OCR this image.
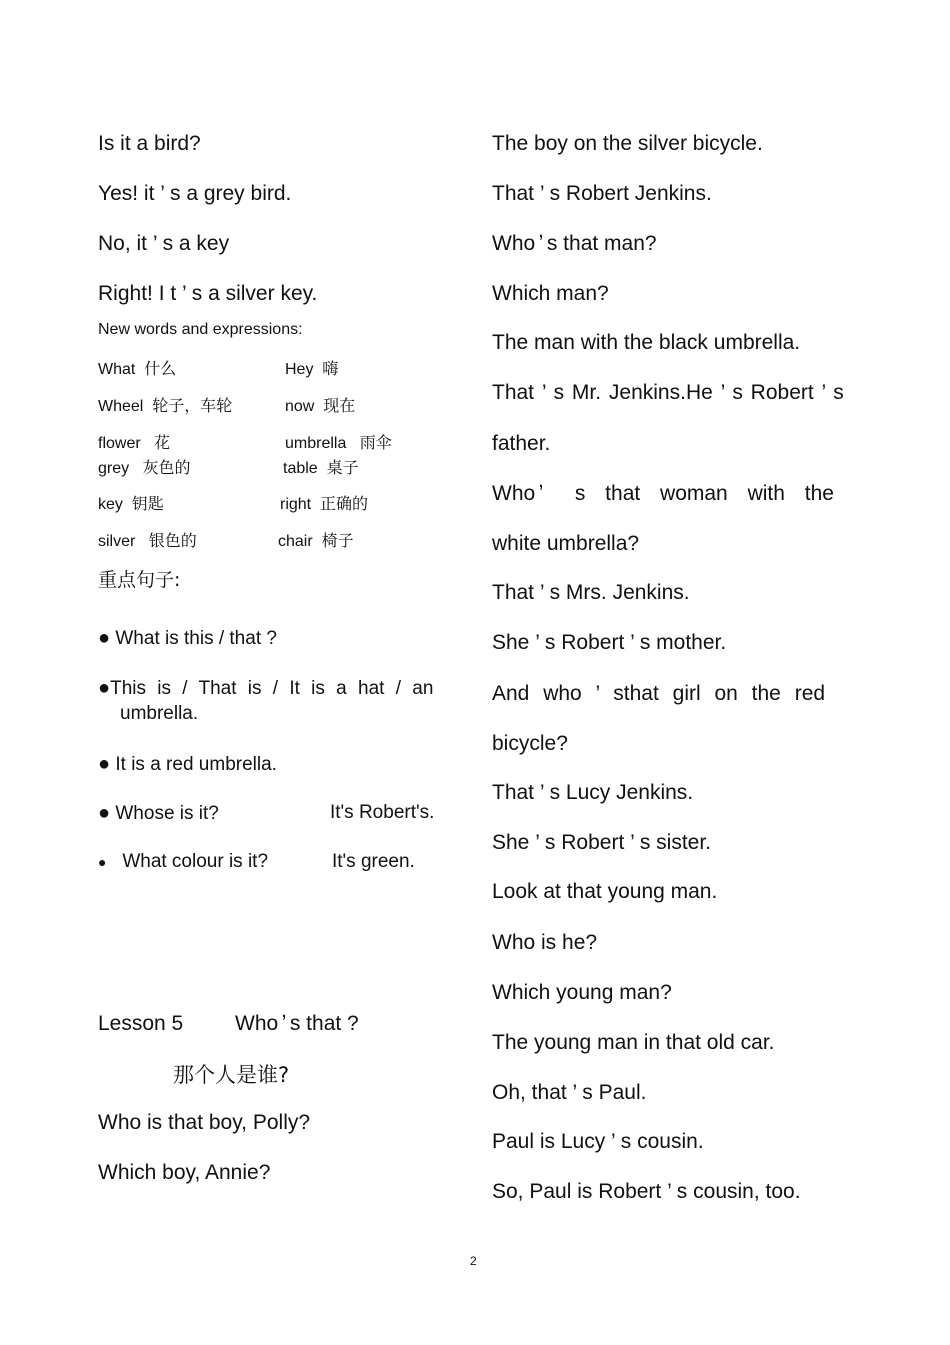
Is it a bird?
Yes! it ’ s a grey bird.
No, it ’ s a key
Right! I t ’ s a silver key.
New words and expressions:
What 什么	Hey 嗨
Wheel 轮子，车轮	now 现在
flower 花	umbrella 雨伞
grey 灰色的	table 桌子
key 钥匙	right 正确的
silver 银色的	chair 椅子
重点句子:
● What is this / that ?
●This is / That is / It is a hat / an
umbrella.
● It is a red umbrella.
● Whose is it?	It's Robert's.
● What colour is it?	It's green.
Lesson 5 Who ̓ s that ?
那个人是谁?
Who is that boy, Polly?
Which boy, Annie?
The boy on the silver bicycle.
That ’ s Robert Jenkins.
Who ̓ s that man?
Which man?
The man with the black umbrella.
That ’ s Mr. Jenkins.He ’ s Robert ’ s
father.
Who ̓ s that woman with the
white umbrella?
That ’ s Mrs. Jenkins.
She ’ s Robert ’ s mother.
And who ’ sthat girl on the red
bicycle?
That ’ s Lucy Jenkins.
She ’ s Robert ’ s sister.
Look at that young man.
Who is he?
Which young man?
The young man in that old car.
Oh, that ’ s Paul.
Paul is Lucy ’ s cousin.
So, Paul is Robert ’ s cousin, too.
2
